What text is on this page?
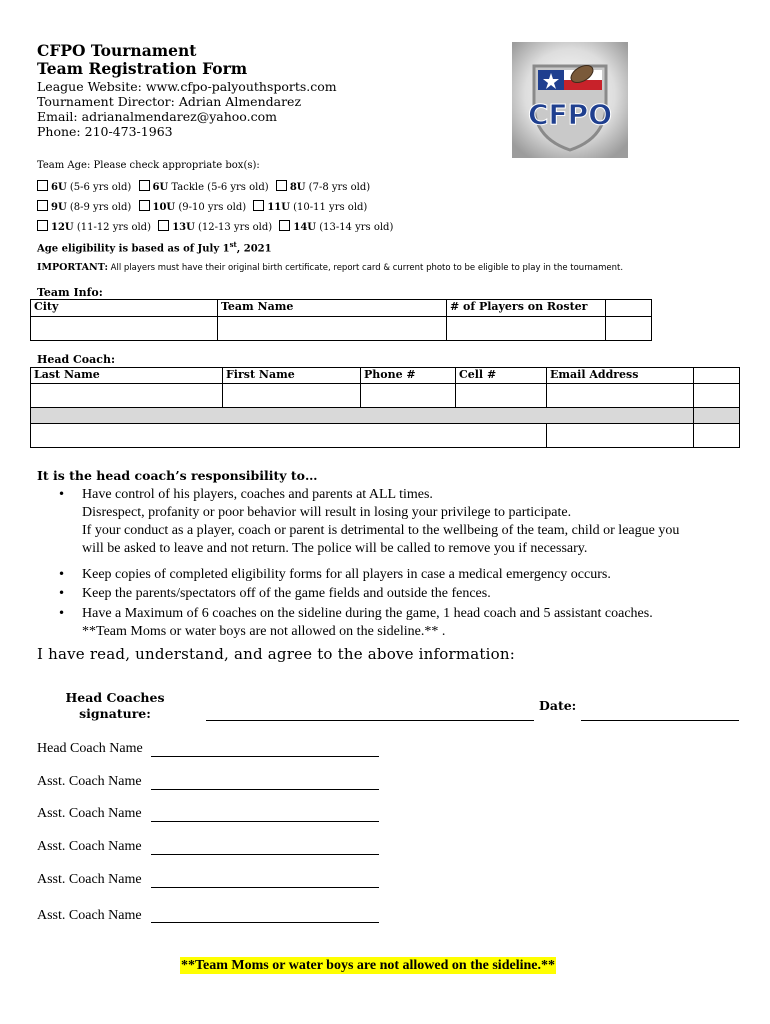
CFPO Tournament
Team Registration Form
League Website: www.cfpo-palyouthsports.com
Tournament Director: Adrian Almendarez
Email: adrianalmendarez@yahoo.com
Phone: 210-473-1963
CFPO
Team Age: Please check appropriate box(s):
6U (5-6 yrs old) 6U Tackle (5-6 yrs old) 8U (7-8 yrs old)
9U (8-9 yrs old) 10U (9-10 yrs old) 11U (10-11 yrs old)
12U (11-12 yrs old) 13U (12-13 yrs old) 14U (13-14 yrs old)
Age eligibility is based as of July 1st, 2021
IMPORTANT: All players must have their original birth certificate, report card & current photo to be eligible to play in the tournament.
Team Info:
City	Team Name	# of Players on Roster	

Head Coach:
Last Name	First Name	Phone #	Cell #	Email Address	

It is the head coach’s responsibility to…
• Have control of his players, coaches and parents at ALL times.
Disrespect, profanity or poor behavior will result in losing your privilege to participate.
If your conduct as a player, coach or parent is detrimental to the wellbeing of the team, child or league you
will be asked to leave and not return. The police will be called to remove you if necessary.
• Keep copies of completed eligibility forms for all players in case a medical emergency occurs.
• Keep the parents/spectators off of the game fields and outside the fences.
• Have a Maximum of 6 coaches on the sideline during the game, 1 head coach and 5 assistant coaches.
**Team Moms or water boys are not allowed on the sideline.** .
I have read, understand, and agree to the above information:
Head Coaches
signature:
Date:
Head Coach Name
Asst. Coach Name
Asst. Coach Name
Asst. Coach Name
Asst. Coach Name
Asst. Coach Name
**Team Moms or water boys are not allowed on the sideline.**
